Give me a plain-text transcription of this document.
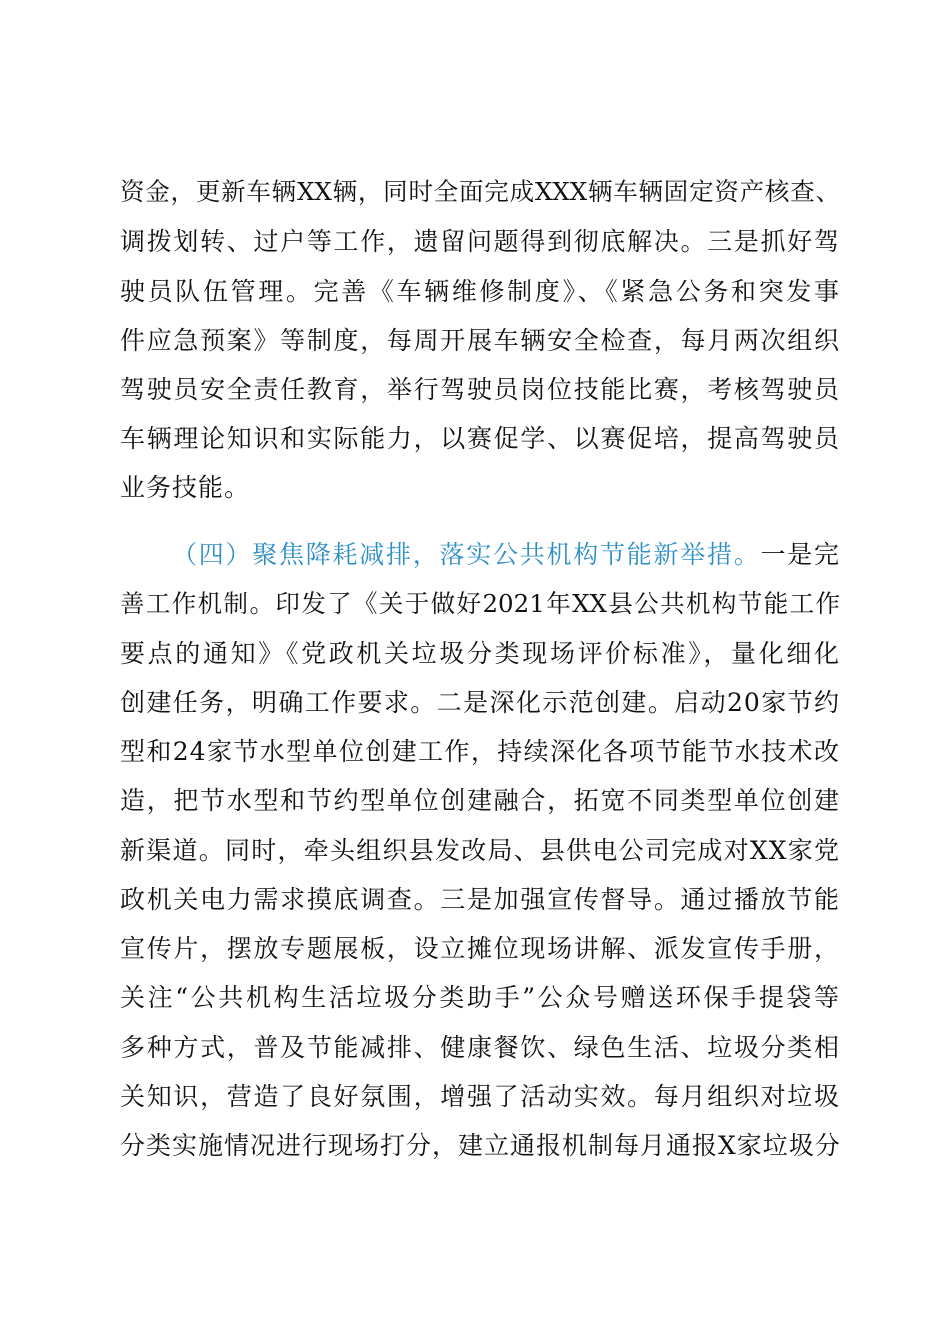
资金，更新车辆XX辆，同时全面完成XXX辆车辆固定资产核查、
调拨划转、过户等工作，遗留问题得到彻底解决。三是抓好驾
驶员队伍管理。完善《车辆维修制度》、《紧急公务和突发事
件应急预案》等制度，每周开展车辆安全检查，每月两次组织
驾驶员安全责任教育，举行驾驶员岗位技能比赛，考核驾驶员
车辆理论知识和实际能力，以赛促学、以赛促培，提高驾驶员
业务技能。
（四）聚焦降耗减排，落实公共机构节能新举措。一是完
善工作机制。印发了《关于做好2021年XX县公共机构节能工作
要点的通知》《党政机关垃圾分类现场评价标准》，量化细化
创建任务，明确工作要求。二是深化示范创建。启动20家节约
型和24家节水型单位创建工作，持续深化各项节能节水技术改
造，把节水型和节约型单位创建融合，拓宽不同类型单位创建
新渠道。同时，牵头组织县发改局、县供电公司完成对XX家党
政机关电力需求摸底调查。三是加强宣传督导。通过播放节能
宣传片，摆放专题展板，设立摊位现场讲解、派发宣传手册，
关注“公共机构生活垃圾分类助手”公众号赠送环保手提袋等
多种方式，普及节能减排、健康餐饮、绿色生活、垃圾分类相
关知识，营造了良好氛围，增强了活动实效。每月组织对垃圾
分类实施情况进行现场打分，建立通报机制每月通报X家垃圾分
